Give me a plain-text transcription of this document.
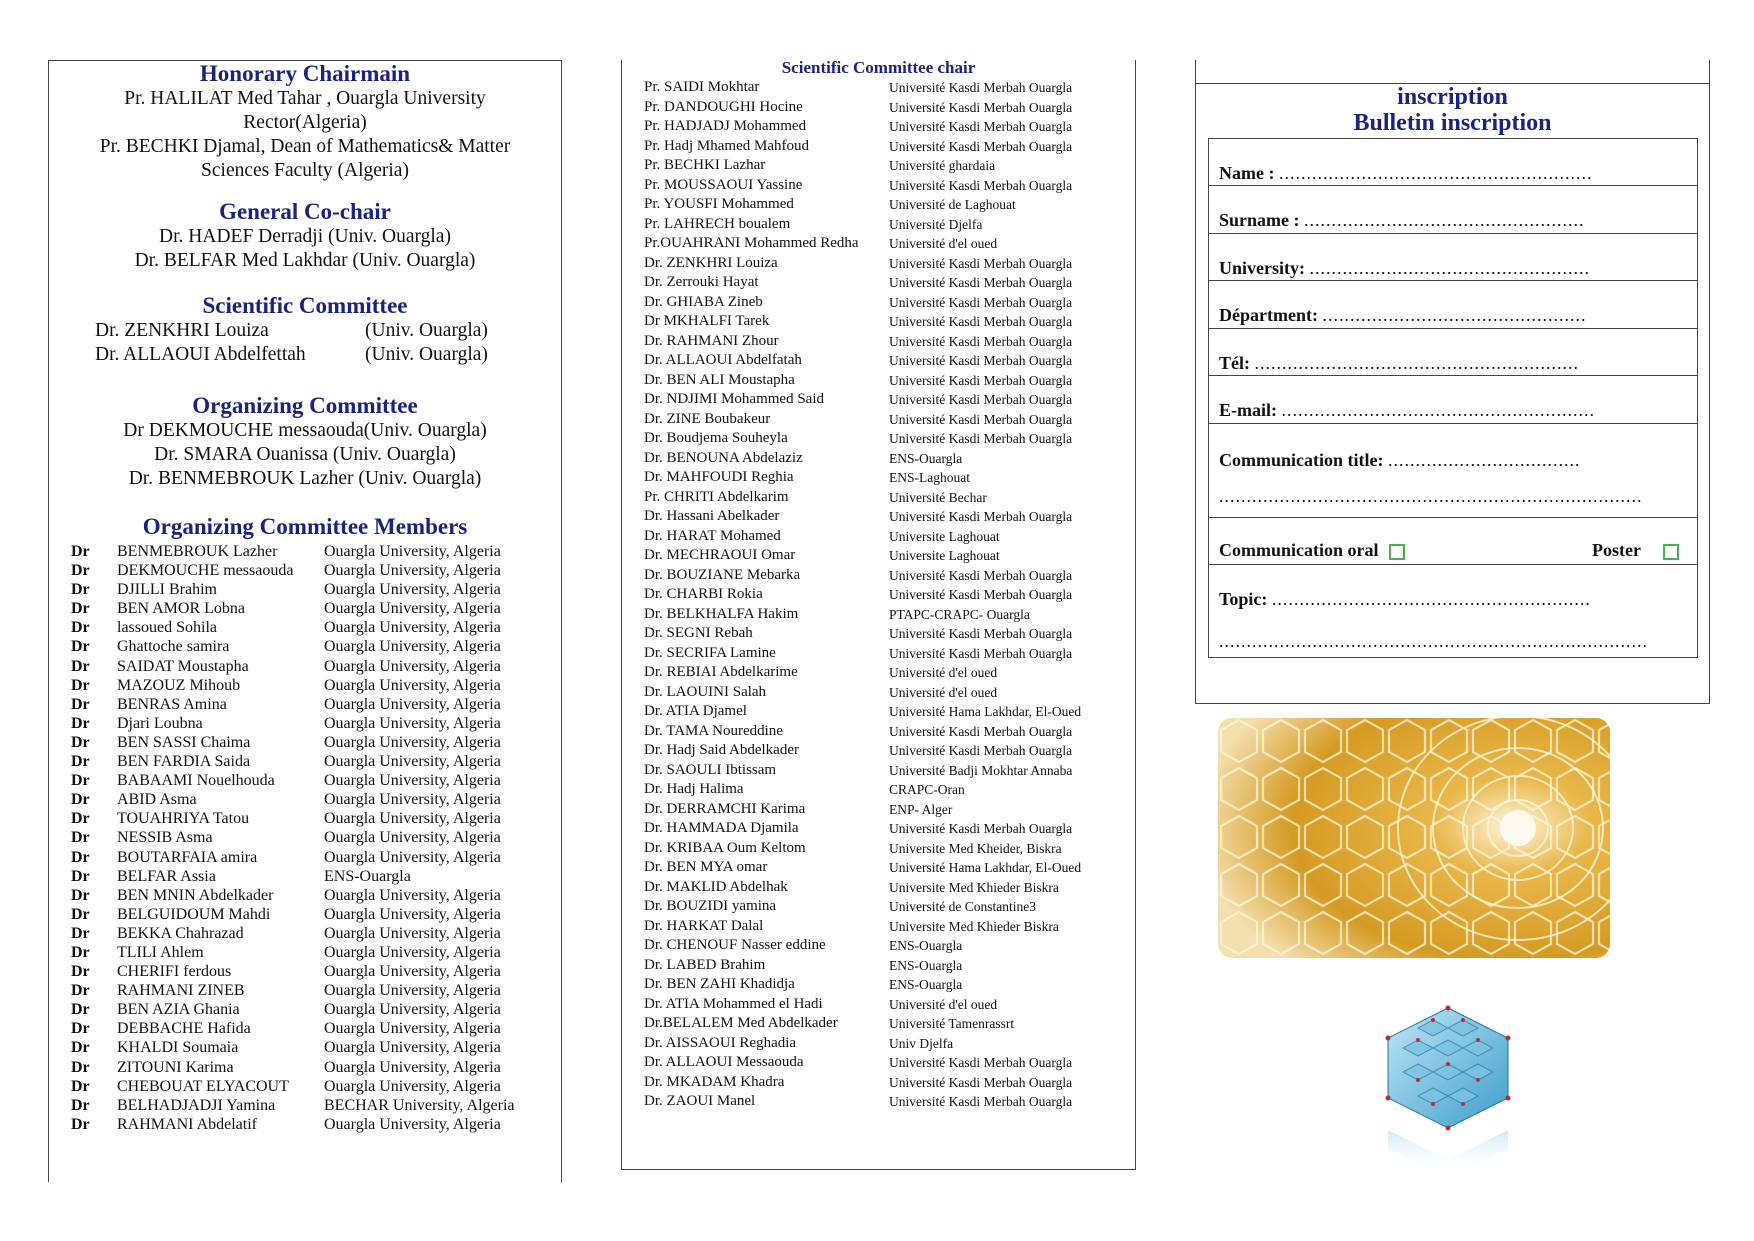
Honorary Chairmain
Pr. HALILAT Med Tahar , Ouargla University
Rector(Algeria)
Pr. BECHKI Djamal, Dean of Mathematics& Matter
Sciences Faculty (Algeria)
General Co-chair
Dr. HADEF Derradji (Univ. Ouargla)
Dr. BELFAR Med Lakhdar (Univ. Ouargla)
Scientific Committee
Dr. ZENKHRI Louiza	(Univ. Ouargla)
Dr. ALLAOUI Abdelfettah	(Univ. Ouargla)
Organizing Committee
Dr DEKMOUCHE messaouda(Univ. Ouargla)
Dr. SMARA Ouanissa (Univ. Ouargla)
Dr. BENMEBROUK Lazher (Univ. Ouargla)
Organizing Committee Members
Dr	BENMEBROUK Lazher	Ouargla University, Algeria
Dr	DEKMOUCHE messaouda	Ouargla University, Algeria
Dr	DJILLI Brahim	Ouargla University, Algeria
Dr	BEN AMOR Lobna	Ouargla University, Algeria
Dr	lassoued Sohila	Ouargla University, Algeria
Dr	Ghattoche samira	Ouargla University, Algeria
Dr	SAIDAT Moustapha	Ouargla University, Algeria
Dr	MAZOUZ Mihoub	Ouargla University, Algeria
Dr	BENRAS Amina	Ouargla University, Algeria
Dr	Djari Loubna	Ouargla University, Algeria
Dr	BEN SASSI Chaima	Ouargla University, Algeria
Dr	BEN FARDIA Saida	Ouargla University, Algeria
Dr	BABAAMI Nouelhouda	Ouargla University, Algeria
Dr	ABID Asma	Ouargla University, Algeria
Dr	TOUAHRIYA Tatou	Ouargla University, Algeria
Dr	NESSIB Asma	Ouargla University, Algeria
Dr	BOUTARFAIA amira	Ouargla University, Algeria
Dr	BELFAR Assia	ENS-Ouargla
Dr	BEN MNIN Abdelkader	Ouargla University, Algeria
Dr	BELGUIDOUM Mahdi	Ouargla University, Algeria
Dr	BEKKA Chahrazad	Ouargla University, Algeria
Dr	TLILI Ahlem	Ouargla University, Algeria
Dr	CHERIFI ferdous	Ouargla University, Algeria
Dr	RAHMANI ZINEB	Ouargla University, Algeria
Dr	BEN AZIA Ghania	Ouargla University, Algeria
Dr	DEBBACHE Hafida	Ouargla University, Algeria
Dr	KHALDI Soumaia	Ouargla University, Algeria
Dr	ZITOUNI Karima	Ouargla University, Algeria
Dr	CHEBOUAT ELYACOUT	Ouargla University, Algeria
Dr	BELHADJADJI Yamina	BECHAR University, Algeria
Dr	RAHMANI Abdelatif	Ouargla University, Algeria
Scientific Committee chair
Pr. SAIDI Mokhtar	Université Kasdi Merbah Ouargla
Pr. DANDOUGHI Hocine	Université Kasdi Merbah Ouargla
Pr. HADJADJ Mohammed	Université Kasdi Merbah Ouargla
Pr. Hadj Mhamed Mahfoud	Université Kasdi Merbah Ouargla
Pr. BECHKI Lazhar	Université ghardaia
Pr. MOUSSAOUI Yassine	Université Kasdi Merbah Ouargla
Pr. YOUSFI Mohammed	Université de Laghouat
Pr. LAHRECH boualem	Université Djelfa
Pr.OUAHRANI Mohammed Redha	Université d'el oued
Dr. ZENKHRI Louiza	Université Kasdi Merbah Ouargla
Dr. Zerrouki Hayat	Université Kasdi Merbah Ouargla
Dr. GHIABA Zineb	Université Kasdi Merbah Ouargla
Dr MKHALFI Tarek	Université Kasdi Merbah Ouargla
Dr. RAHMANI Zhour	Université Kasdi Merbah Ouargla
Dr. ALLAOUI Abdelfatah	Université Kasdi Merbah Ouargla
Dr. BEN ALI Moustapha	Université Kasdi Merbah Ouargla
Dr. NDJIMI Mohammed Said	Université Kasdi Merbah Ouargla
Dr. ZINE Boubakeur	Université Kasdi Merbah Ouargla
Dr. Boudjema Souheyla	Université Kasdi Merbah Ouargla
Dr. BENOUNA Abdelaziz	ENS-Ouargla
Dr. MAHFOUDI Reghia	ENS-Laghouat
Pr. CHRITI Abdelkarim	Université Bechar
Dr. Hassani Abelkader	Université Kasdi Merbah Ouargla
Dr. HARAT Mohamed	Universite Laghouat
Dr. MECHRAOUI Omar	Universite Laghouat
Dr. BOUZIANE Mebarka	Université Kasdi Merbah Ouargla
Dr. CHARBI Rokia	Université Kasdi Merbah Ouargla
Dr. BELKHALFA Hakim	PTAPC-CRAPC- Ouargla
Dr. SEGNI Rebah	Université Kasdi Merbah Ouargla
Dr. SECRIFA Lamine	Université Kasdi Merbah Ouargla
Dr. REBIAI Abdelkarime	Université d'el oued
Dr. LAOUINI Salah	Université d'el oued
Dr. ATIA Djamel	Université Hama Lakhdar, El-Oued
Dr. TAMA Noureddine	Université Kasdi Merbah Ouargla
Dr. Hadj Said Abdelkader	Université Kasdi Merbah Ouargla
Dr. SAOULI Ibtissam	Université Badji Mokhtar Annaba
Dr. Hadj Halima	CRAPC-Oran
Dr. DERRAMCHI Karima	ENP- Alger
Dr. HAMMADA Djamila	Université Kasdi Merbah Ouargla
Dr. KRIBAA Oum Keltom	Universite Med Kheider, Biskra
Dr. BEN MYA omar	Université Hama Lakhdar, El-Oued
Dr. MAKLID Abdelhak	Universite Med Khieder Biskra
Dr. BOUZIDI yamina	Université de Constantine3
Dr. HARKAT Dalal	Universite Med Khieder Biskra
Dr. CHENOUF Nasser eddine	ENS-Ouargla
Dr. LABED Brahim	ENS-Ouargla
Dr. BEN ZAHI Khadidja	ENS-Ouargla
Dr. ATIA Mohammed el Hadi	Université d'el oued
Dr.BELALEM Med Abdelkader	Université Tamenrassrt
Dr. AISSAOUI Reghadia	Univ Djelfa
Dr. ALLAOUI Messaouda	Université Kasdi Merbah Ouargla
Dr. MKADAM Khadra	Université Kasdi Merbah Ouargla
Dr. ZAOUI Manel	Université Kasdi Merbah Ouargla
inscription
Bulletin inscription
Name : .........................................................
Surname : ...................................................
University: ...................................................
Départment: ................................................
Tél: ...........................................................
E-mail: .........................................................
Communication title: ...................................
.............................................................................
Communication oral	Poster
Topic: ..........................................................
..............................................................................
